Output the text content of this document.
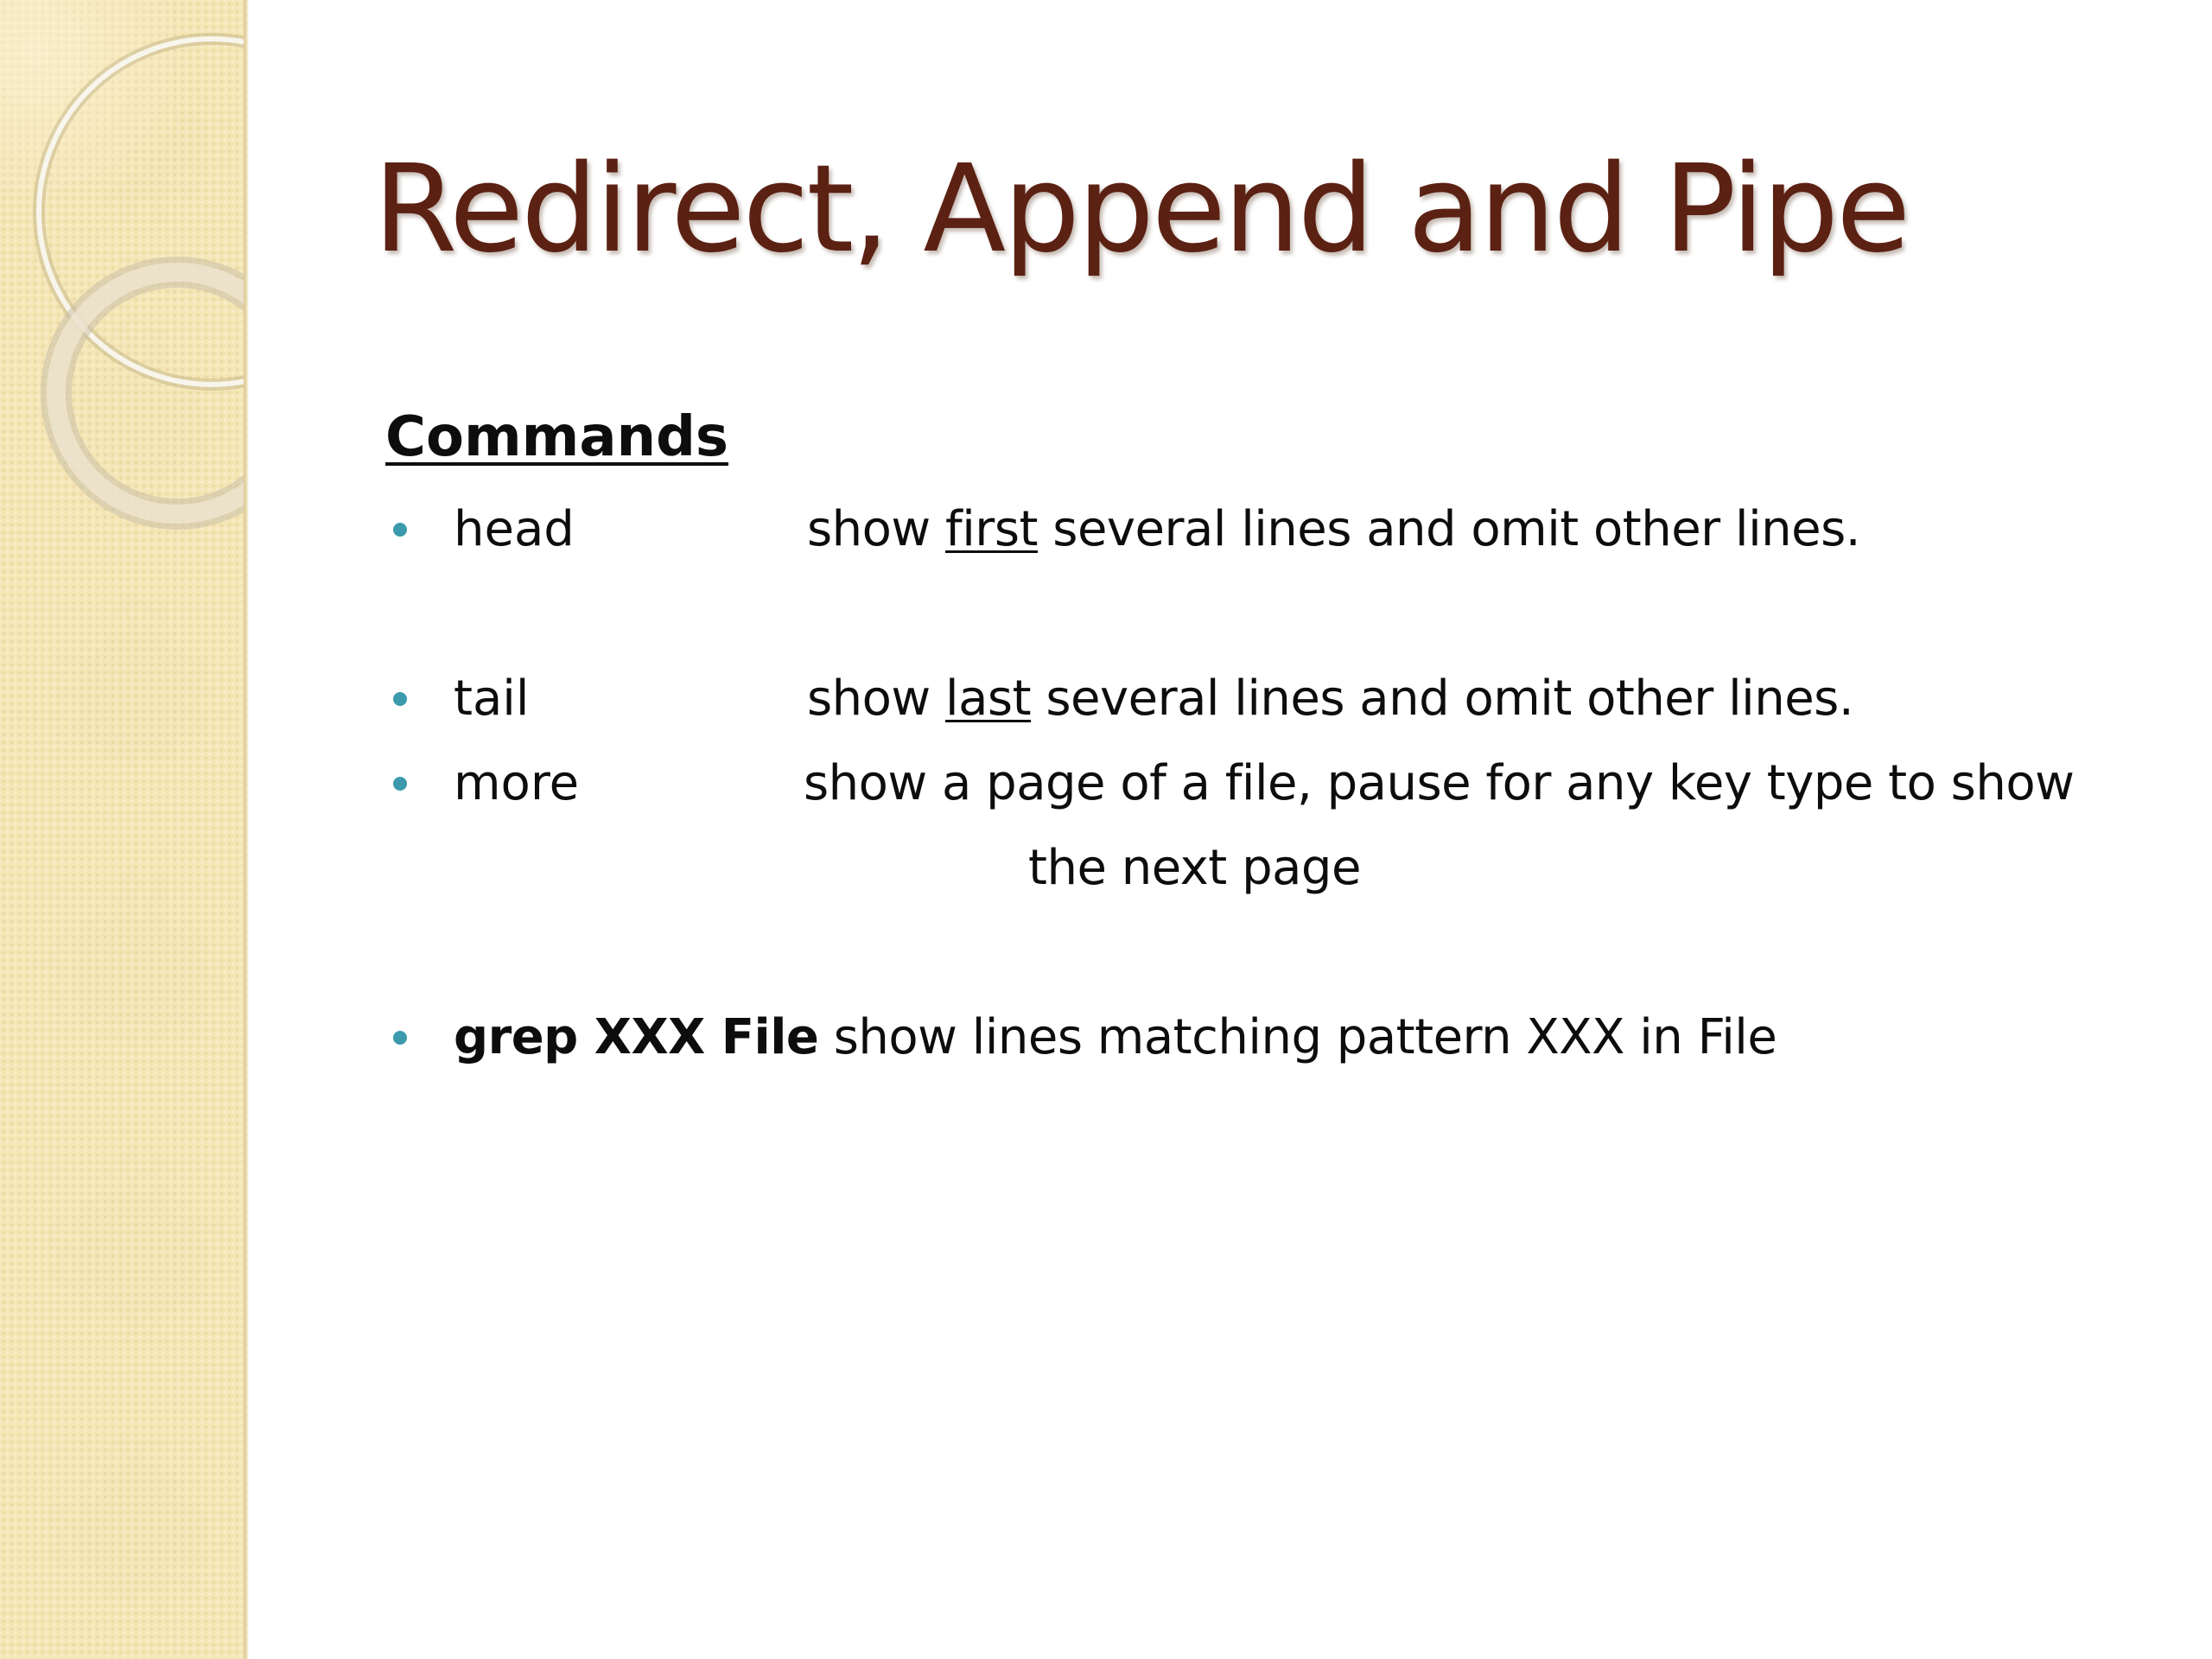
Redirect, Append and Pipe
Commands
head	show first several lines and omit other lines.
tail	show last several lines and omit other lines.
more	show a page of a file, pause for any key type to show
the next page
grep XXX File show lines matching pattern XXX in File
